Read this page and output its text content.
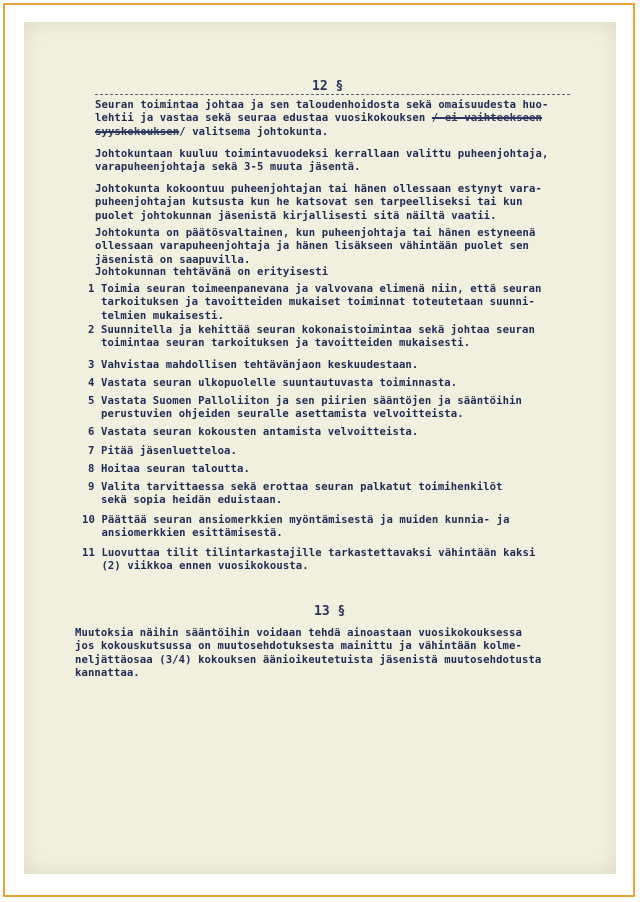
12 §
Seuran toimintaa johtaa ja sen taloudenhoidosta sekä omaisuudesta huo-
lehtii ja vastaa sekä seuraa edustaa vuosikokouksen / ei vaihteekseen
syyskokouksen/ valitsema johtokunta.
Johtokuntaan kuuluu toimintavuodeksi kerrallaan valittu puheenjohtaja,
varapuheenjohtaja sekä 3-5 muuta jäsentä.
Johtokunta kokoontuu puheenjohtajan tai hänen ollessaan estynyt vara-
puheenjohtajan kutsusta kun he katsovat sen tarpeelliseksi tai kun
puolet johtokunnan jäsenistä kirjallisesti sitä näiltä vaatii.
Johtokunta on päätösvaltainen, kun puheenjohtaja tai hänen estyneenä
ollessaan varapuheenjohtaja ja hänen lisäkseen vähintään puolet sen
jäsenistä on saapuvilla.
Johtokunnan tehtävänä on erityisesti
1 Toimia seuran toimeenpanevana ja valvovana elimenä niin, että seuran
tarkoituksen ja tavoitteiden mukaiset toiminnat toteutetaan suunni-
telmien mukaisesti.
2 Suunnitella ja kehittää seuran kokonaistoimintaa sekä johtaa seuran
toimintaa seuran tarkoituksen ja tavoitteiden mukaisesti.
3 Vahvistaa mahdollisen tehtävänjaon keskuudestaan.
4 Vastata seuran ulkopuolelle suuntautuvasta toiminnasta.
5 Vastata Suomen Palloliiton ja sen piirien sääntöjen ja sääntöihin
perustuvien ohjeiden seuralle asettamista velvoitteista.
6 Vastata seuran kokousten antamista velvoitteista.
7 Pitää jäsenluetteloa.
8 Hoitaa seuran taloutta.
9 Valita tarvittaessa sekä erottaa seuran palkatut toimihenkilöt
sekä sopia heidän eduistaan.
10 Päättää seuran ansiomerkkien myöntämisestä ja muiden kunnia- ja
ansiomerkkien esittämisestä.
11 Luovuttaa tilit tilintarkastajille tarkastettavaksi vähintään kaksi
(2) viikkoa ennen vuosikokousta.
13 §
Muutoksia näihin sääntöihin voidaan tehdä ainoastaan vuosikokouksessa
jos kokouskutsussa on muutosehdotuksesta mainittu ja vähintään kolme-
neljättäosaa (3/4) kokouksen äänioikeutetuista jäsenistä muutosehdotusta
kannattaa.
